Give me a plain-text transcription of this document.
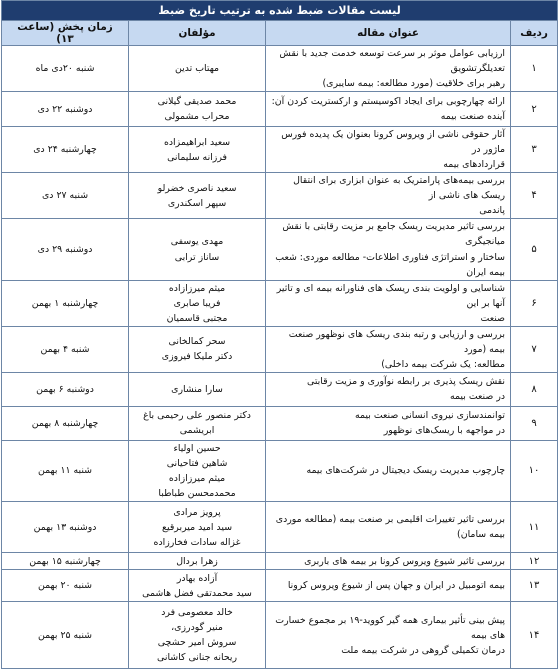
لیست مقالات ضبط شده به ترتیب تاریخ ضبط			
ردیف	عنوان مقاله	مؤلفان	زمان پخش (ساعت ۱۳)
۱	ارزیابی عوامل موثر بر سرعت توسعه خدمت جدید با نقش تعدیلگرتشویق
رهبر برای خلاقیت (مورد مطالعه: بیمه سایبری)	مهتاب تدین	شنبه ۲۰دی ماه
۲	ارائه چهارچوبی برای ایجاد اکوسیستم و ارکستریت کردن آن:
آینده صنعت بیمه	محمد صدیقی گیلانی
محراب مشمولی	دوشنبه ۲۲ دی
۳	آثار حقوقی ناشی از ویروس کرونا بعنوان یک پدیده فورس ماژور در
قراردادهای بیمه	سعید ابراهیمزاده
فرزانه سلیمانی	چهارشنبه ۲۴ دی
۴	بررسی بیمه‌های پارامتریک به عنوان ابزاری برای انتقال ریسک های ناشی از
پاندمی	سعید ناصری خضرلو
سپهر اسکندری	شنبه ۲۷ دی
۵	بررسی تاثیر مدیریت ریسک جامع بر مزیت رقابتی با نقش میانجیگری
ساختار و استراتژی فناوری اطلاعات- مطالعه موردی: شعب بیمه ایران	مهدی یوسفی
ساناز ترابی	دوشنبه ۲۹ دی
۶	شناسایی و اولویت بندی ریسک های فناورانه بیمه ای و تاثیر آنها بر این
صنعت	میثم میرزازاده
فریبا صابری
مجتبی قاسمیان	چهارشنبه ۱ بهمن
۷	بررسی و ارزیابی و رتبه بندی ریسک های نوظهور صنعت بیمه (مورد
مطالعه: یک شرکت بیمه داخلی)	سحر کمالخانی
دکتر ملیکا فیروزی	شنبه ۴ بهمن
۸	نقش ریسک پذیری بر رابطه نوآوری و مزیت رقابتی
در صنعت بیمه	سارا منشاری	دوشنبه ۶ بهمن
۹	توانمندسازی نیروی انسانی صنعت بیمه
در مواجهه با ریسک‌های نوظهور	دکتر منصور علی رحیمی باغ ابریشمی	چهارشنبه ۸ بهمن
۱۰	چارچوب مدیریت ریسک دیجیتال در شرکت‌های بیمه	حسین اولیاء
شاهین فتاحیانی
میثم میرزازاده
محمدمحسن طباطبا	شنبه ۱۱ بهمن
۱۱	بررسی تاثیر تغییرات اقلیمی بر صنعت بیمه (مطالعه موردی بیمه سامان)	پرویز مرادی
سید امید میربرقیع
غزاله سادات فخارزاده	دوشنبه ۱۳ بهمن
۱۲	بررسی تاثیر شیوع ویروس کرونا بر بیمه های باربری	زهرا بردال	چهارشنبه ۱۵ بهمن
۱۳	بیمه اتومبیل در ایران و جهان پس از شیوع ویروس کرونا	آزاده بهادر
سید محمدتقی فضل هاشمی	شنبه ۲۰ بهمن
۱۴	پیش بینی تأثیر بیماری همه گیر کووید-۱۹ بر مجموع خسارت های بیمه
درمان تکمیلی گروهی در شرکت بیمه ملت	خالد معصومی فرد
منیر گودرزی،
سروش امیر حشچی
ریحانه جنانی کاشانی	شنبه ۲۵ بهمن
